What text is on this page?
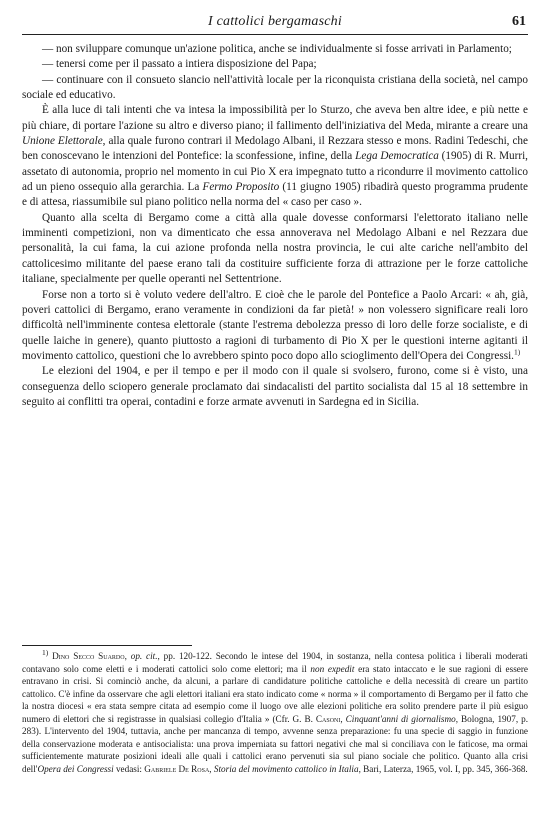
I cattolici bergamaschi	61

— non sviluppare comunque un'azione politica, anche se individualmente si fosse arrivati in Parlamento;

— tenersi come per il passato a intiera disposizione del Papa;

— continuare con il consueto slancio nell'attività locale per la riconquista cristiana della società, nel campo sociale ed educativo.

È alla luce di tali intenti che va intesa la impossibilità per lo Sturzo, che aveva ben altre idee, e più nette e più chiare, di portare l'azione su altro e diverso piano; il fallimento dell'iniziativa del Meda, mirante a creare una Unione Elettorale, alla quale furono contrari il Medolago Albani, il Rezzara stesso e mons. Radini Tedeschi, che ben conoscevano le intenzioni del Pontefice: la sconfessione, infine, della Lega Democratica (1905) di R. Murri, assetato di autonomia, proprio nel momento in cui Pio X era impegnato tutto a ricondurre il movimento cattolico ad un pieno ossequio alla gerarchia. La Fermo Proposito (11 giugno 1905) ribadirà questo programma prudente e di attesa, riassumibile sul piano politico nella norma del « caso per caso ».

Quanto alla scelta di Bergamo come a città alla quale dovesse conformarsi l'elettorato italiano nelle imminenti competizioni, non va dimenticato che essa annoverava nel Medolago Albani e nel Rezzara due personalità, la cui fama, la cui azione profonda nella nostra provincia, le cui alte cariche nell'ambito del cattolicesimo militante del paese erano tali da costituire sufficiente forza di attrazione per le forze cattoliche italiane, specialmente per quelle operanti nel Settentrione.

Forse non a torto si è voluto vedere dell'altro. E cioè che le parole del Pontefice a Paolo Arcari: « ah, già, poveri cattolici di Bergamo, erano veramente in condizioni da far pietà! » non volessero significare reali loro difficoltà nell'imminente contesa elettorale (stante l'estrema debolezza presso di loro delle forze socialiste, e di quelle laiche in genere), quanto piuttosto a ragioni di turbamento di Pio X per le questioni interne agitanti il movimento cattolico, questioni che lo avrebbero spinto poco dopo allo scioglimento dell'Opera dei Congressi.$^{1)}$

Le elezioni del 1904, e per il tempo e per il modo con il quale si svolsero, furono, come si è visto, una conseguenza dello sciopero generale proclamato dai sindacalisti del partito socialista dal 15 al 18 settembre in seguito ai conflitti tra operai, contadini e forze armate avvenuti in Sardegna ed in Sicilia.

$^{1)}$ Dino Secco Suardo, op. cit., pp. 120-122. Secondo le intese del 1904, in sostanza, nella contesa politica i liberali moderati contavano solo come eletti e i moderati cattolici solo come elettori; ma il non expedit era stato intaccato e le sue ragioni di essere entravano in crisi. Si cominciò anche, da alcuni, a parlare di candidature politiche cattoliche e della necessità di creare un partito cattolico. C'è infine da osservare che agli elettori italiani era stato indicato come « norma » il comportamento di Bergamo per il fatto che la nostra diocesi « era stata sempre citata ad esempio come il luogo ove alle elezioni politiche era solito prendere parte il più esiguo numero di elettori che si registrasse in qualsiasi collegio d'Italia » (Cfr. G. B. Casoni, Cinquant'anni di giornalismo, Bologna, 1907, p. 283). L'intervento del 1904, tuttavia, anche per mancanza di tempo, avvenne senza preparazione: fu una specie di saggio in funzione della conservazione moderata e antisocialista: una prova imperniata su fattori negativi che mal si conciliava con le faticose, ma ormai sufficientemente maturate posizioni ideali alle quali i cattolici erano pervenuti sia sul piano sociale che politico. Quanto alla crisi dell'Opera dei Congressi vedasi: Gabriele De Rosa, Storia del movimento cattolico in Italia, Bari, Laterza, 1965, vol. I, pp. 345, 366-368.
